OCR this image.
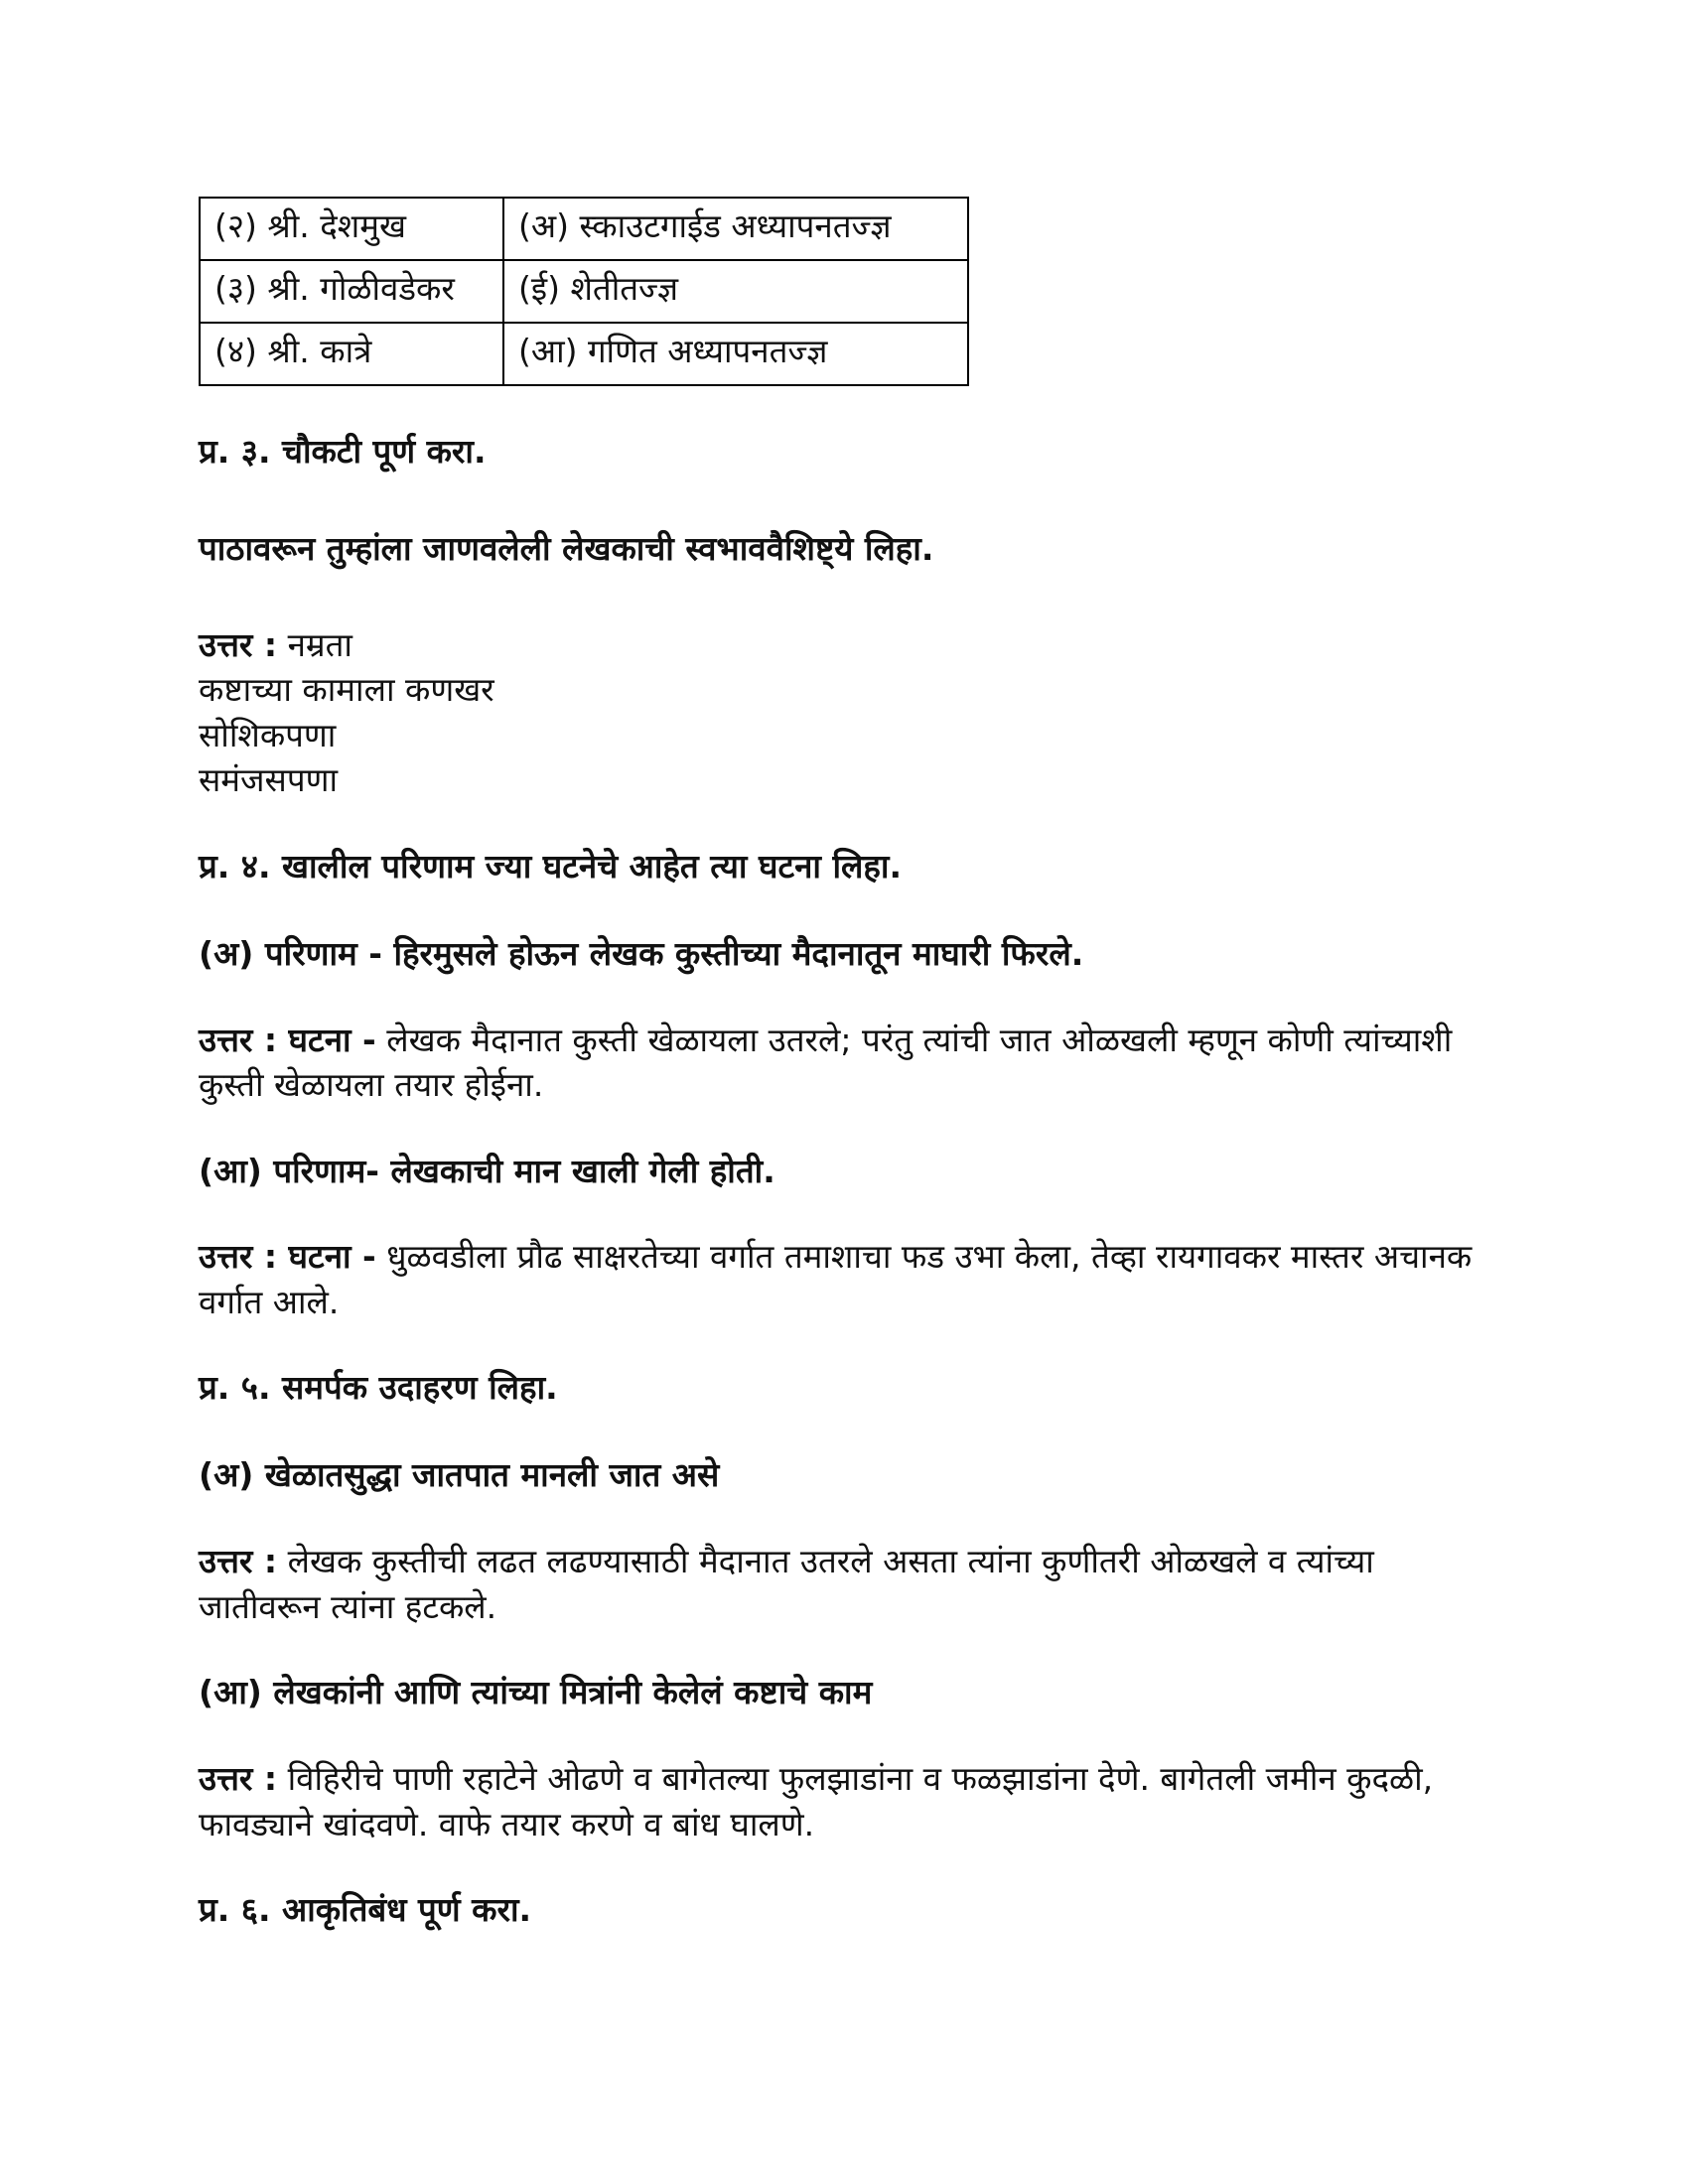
(२) श्री. देशमुख	(अ) स्काउटगाईड अध्यापनतज्ज्ञ
(३) श्री. गोळीवडेकर	(ई) शेतीतज्ज्ञ
(४) श्री. कात्रे	(आ) गणित अध्यापनतज्ज्ञ

प्र. ३. चौकटी पूर्ण करा.

पाठावरून तुम्हांला जाणवलेली लेखकाची स्वभाववैशिष्ट्ये लिहा.

उत्तर : नम्रता
कष्टाच्या कामाला कणखर
सोशिकपणा
समंजसपणा

प्र. ४. खालील परिणाम ज्या घटनेचे आहेत त्या घटना लिहा.

(अ) परिणाम - हिरमुसले होऊन लेखक कुस्तीच्या मैदानातून माघारी फिरले.

उत्तर : घटना - लेखक मैदानात कुस्ती खेळायला उतरले; परंतु त्यांची जात ओळखली म्हणून कोणी त्यांच्याशी कुस्ती खेळायला तयार होईना.

(आ) परिणाम- लेखकाची मान खाली गेली होती.

उत्तर : घटना - धुळवडीला प्रौढ साक्षरतेच्या वर्गात तमाशाचा फड उभा केला, तेव्हा रायगावकर मास्तर अचानक वर्गात आले.

प्र. ५. समर्पक उदाहरण लिहा.

(अ) खेळातसुद्धा जातपात मानली जात असे

उत्तर : लेखक कुस्तीची लढत लढण्यासाठी मैदानात उतरले असता त्यांना कुणीतरी ओळखले व त्यांच्या जातीवरून त्यांना हटकले.

(आ) लेखकांनी आणि त्यांच्या मित्रांनी केलेलं कष्टाचे काम

उत्तर : विहिरीचे पाणी रहाटेने ओढणे व बागेतल्या फुलझाडांना व फळझाडांना देणे. बागेतली जमीन कुदळी, फावड्याने खांदवणे. वाफे तयार करणे व बांध घालणे.

प्र. ६. आकृतिबंध पूर्ण करा.
